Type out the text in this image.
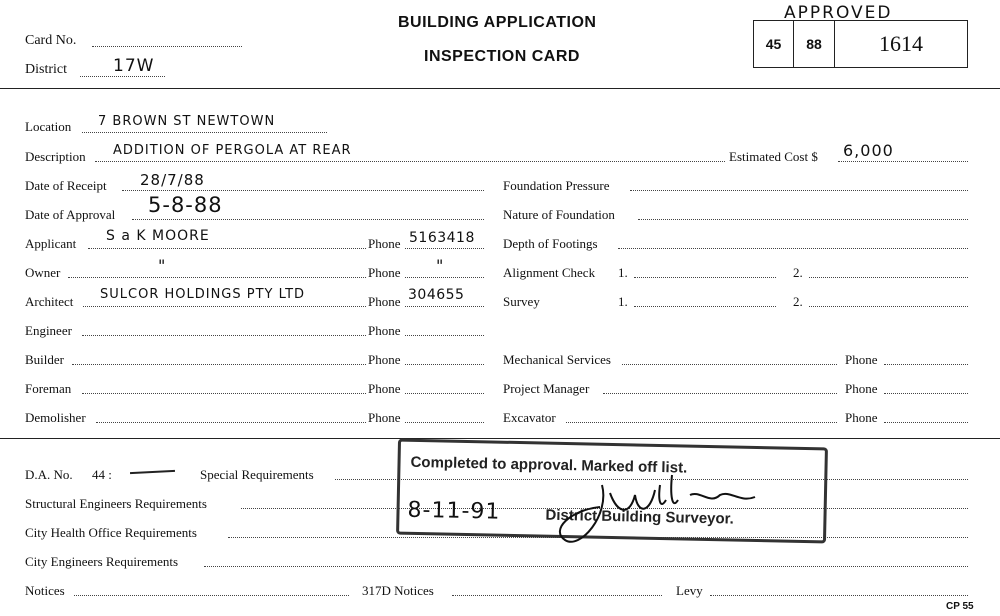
Card No.
District	17W
BUILDING APPLICATION
INSPECTION CARD
APPROVED
45	88	1614
Location 7 BROWN ST NEWTOWN
Description ADDITION OF PERGOLA AT REAR	Estimated Cost $ 6,000
Date of Receipt 28/7/88
Date of Approval 5-8-88
Applicant S a K MOORE	Phone 5163418
Owner	"	Phone "
Architect SULCOR HOLDINGS PTY LTD	Phone 304655
Engineer	Phone
Builder	Phone
Foreman	Phone
Demolisher	Phone
Foundation Pressure
Nature of Foundation
Depth of Footings
Alignment Check 1.	2.
Survey	1.	2.
Mechanical Services	Phone
Project Manager	Phone
Excavator	Phone
D.A. No. 44 :	Special Requirements
Structural Engineers Requirements
City Health Office Requirements
City Engineers Requirements
Notices	317D Notices	Levy
CP 55
Completed to approval. Marked off list.
8-11-91	District Building Surveyor.
